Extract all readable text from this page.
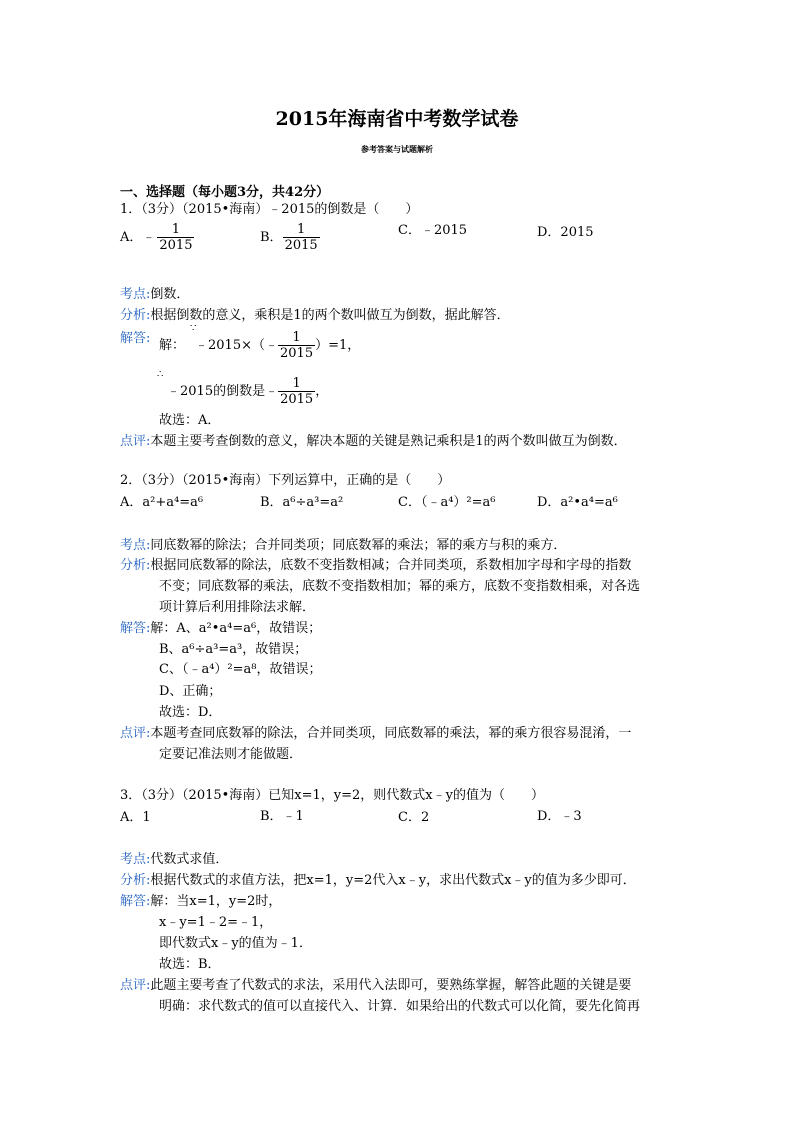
2015年海南省中考数学试卷
参考答案与试题解析
一、选择题（每小题3分，共42分）
1．（3分）（2015•海南）﹣2015的倒数是（　　）
A．﹣ $\frac{1}{2015}$	B． $\frac{1}{2015}$	C．﹣2015	D．2015
考点:倒数．
分析:根据倒数的意义，乘积是1的两个数叫做互为倒数，据此解答．
解答: 解：
∵
﹣2015×（﹣ $\frac{1}{2015} )=1$，
∴
﹣2015的倒数是﹣ $\frac{1}{2015}$ ，
故选：A．
点评:本题主要考查倒数的意义，解决本题的关键是熟记乘积是1的两个数叫做互为倒数．
2．（3分）（2015•海南）下列运算中，正确的是（　　）
A．a²+a⁴=a⁶	B．a⁶÷a³=a²	C．（﹣a⁴）²=a⁶	D．a²•a⁴=a⁶
考点:同底数幂的除法；合并同类项；同底数幂的乘法；幂的乘方与积的乘方．
分析:根据同底数幂的除法，底数不变指数相减；合并同类项，系数相加字母和字母的指数
不变；同底数幂的乘法，底数不变指数相加；幂的乘方，底数不变指数相乘，对各选
项计算后利用排除法求解．
解答:解：A、a²•a⁴=a⁶，故错误；
B、a⁶÷a³=a³，故错误；
C、（﹣a⁴）²=a⁸，故错误；
D、正确；
故选：D．
点评:本题考查同底数幂的除法，合并同类项，同底数幂的乘法，幂的乘方很容易混淆，一
定要记准法则才能做题．
3．（3分）（2015•海南）已知x=1，y=2，则代数式x﹣y的值为（　　）
A．1	B．﹣1	C．2	D．﹣3
考点:代数式求值．
分析:根据代数式的求值方法，把x=1，y=2代入x﹣y，求出代数式x﹣y的值为多少即可．
解答:解：当x=1，y=2时，
x﹣y=1﹣2=﹣1，
即代数式x﹣y的值为﹣1．
故选：B．
点评:此题主要考查了代数式的求法，采用代入法即可，要熟练掌握，解答此题的关键是要
明确：求代数式的值可以直接代入、计算．如果给出的代数式可以化简，要先化简再
